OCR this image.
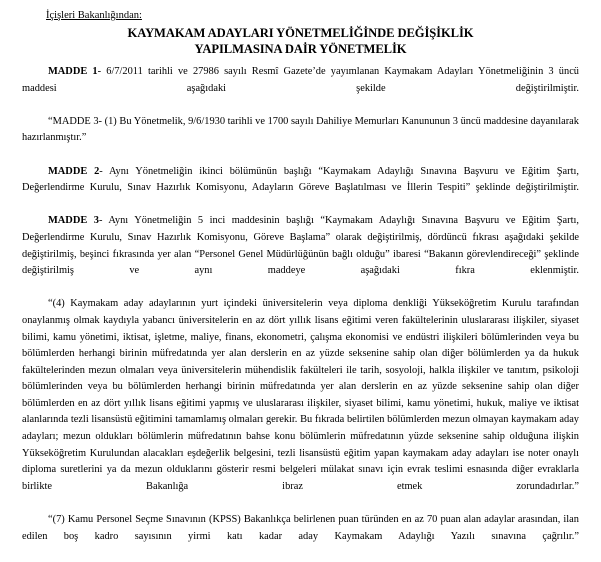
İçişleri Bakanlığından:
KAYMAKAM ADAYLARI YÖNETMELİĞİNDE DEĞİŞİKLİK
YAPILMASINA DAİR YÖNETMELİK

MADDE 1- 6/7/2011 tarihli ve 27986 sayılı Resmî Gazete’de yayımlanan Kaymakam Adayları Yönetmeliğinin 3 üncü maddesi aşağıdaki şekilde değiştirilmiştir.

“MADDE 3- (1) Bu Yönetmelik, 9/6/1930 tarihli ve 1700 sayılı Dahiliye Memurları Kanununun 3 üncü maddesine dayanılarak hazırlanmıştır.”

MADDE 2- Aynı Yönetmeliğin ikinci bölümünün başlığı “Kaymakam Adaylığı Sınavına Başvuru ve Eğitim Şartı, Değerlendirme Kurulu, Sınav Hazırlık Komisyonu, Adayların Göreve Başlatılması ve İllerin Tespiti” şeklinde değiştirilmiştir.

MADDE 3- Aynı Yönetmeliğin 5 inci maddesinin başlığı “Kaymakam Adaylığı Sınavına Başvuru ve Eğitim Şartı, Değerlendirme Kurulu, Sınav Hazırlık Komisyonu, Göreve Başlama” olarak değiştirilmiş, dördüncü fıkrası aşağıdaki şekilde değiştirilmiş, beşinci fıkrasında yer alan “Personel Genel Müdürlüğünün bağlı olduğu” ibaresi “Bakanın görevlendireceği” şeklinde değiştirilmiş ve aynı maddeye aşağıdaki fıkra eklenmiştir.

“(4) Kaymakam aday adaylarının yurt içindeki üniversitelerin veya diploma denkliği Yükseköğretim Kurulu tarafından onaylanmış olmak kaydıyla yabancı üniversitelerin en az dört yıllık lisans eğitimi veren fakültelerinin uluslararası ilişkiler, siyaset bilimi, kamu yönetimi, iktisat, işletme, maliye, finans, ekonometri, çalışma ekonomisi ve endüstri ilişkileri bölümlerinden veya bu bölümlerden herhangi birinin müfredatında yer alan derslerin en az yüzde seksenine sahip olan diğer bölümlerden ya da hukuk fakültelerinden mezun olmaları veya üniversitelerin mühendislik fakülteleri ile tarih, sosyoloji, halkla ilişkiler ve tanıtım, psikoloji bölümlerinden veya bu bölümlerden herhangi birinin müfredatında yer alan derslerin en az yüzde seksenine sahip olan diğer bölümlerden en az dört yıllık lisans eğitimi yapmış ve uluslararası ilişkiler, siyaset bilimi, kamu yönetimi, hukuk, maliye ve iktisat alanlarında tezli lisansüstü eğitimini tamamlamış olmaları gerekir. Bu fıkrada belirtilen bölümlerden mezun olmayan kaymakam aday adayları; mezun oldukları bölümlerin müfredatının bahse konu bölümlerin müfredatının yüzde seksenine sahip olduğuna ilişkin Yükseköğretim Kurulundan alacakları eşdeğerlik belgesini, tezli lisansüstü eğitim yapan kaymakam aday adayları ise noter onaylı diploma suretlerini ya da mezun olduklarını gösterir resmi belgeleri mülakat sınavı için evrak teslimi esnasında diğer evraklarla birlikte Bakanlığa ibraz etmek zorundadırlar.”

“(7) Kamu Personel Seçme Sınavının (KPSS) Bakanlıkça belirlenen puan türünden en az 70 puan alan adaylar arasından, ilan edilen boş kadro sayısının yirmi katı kadar aday Kaymakam Adaylığı Yazılı sınavına çağrılır.”
